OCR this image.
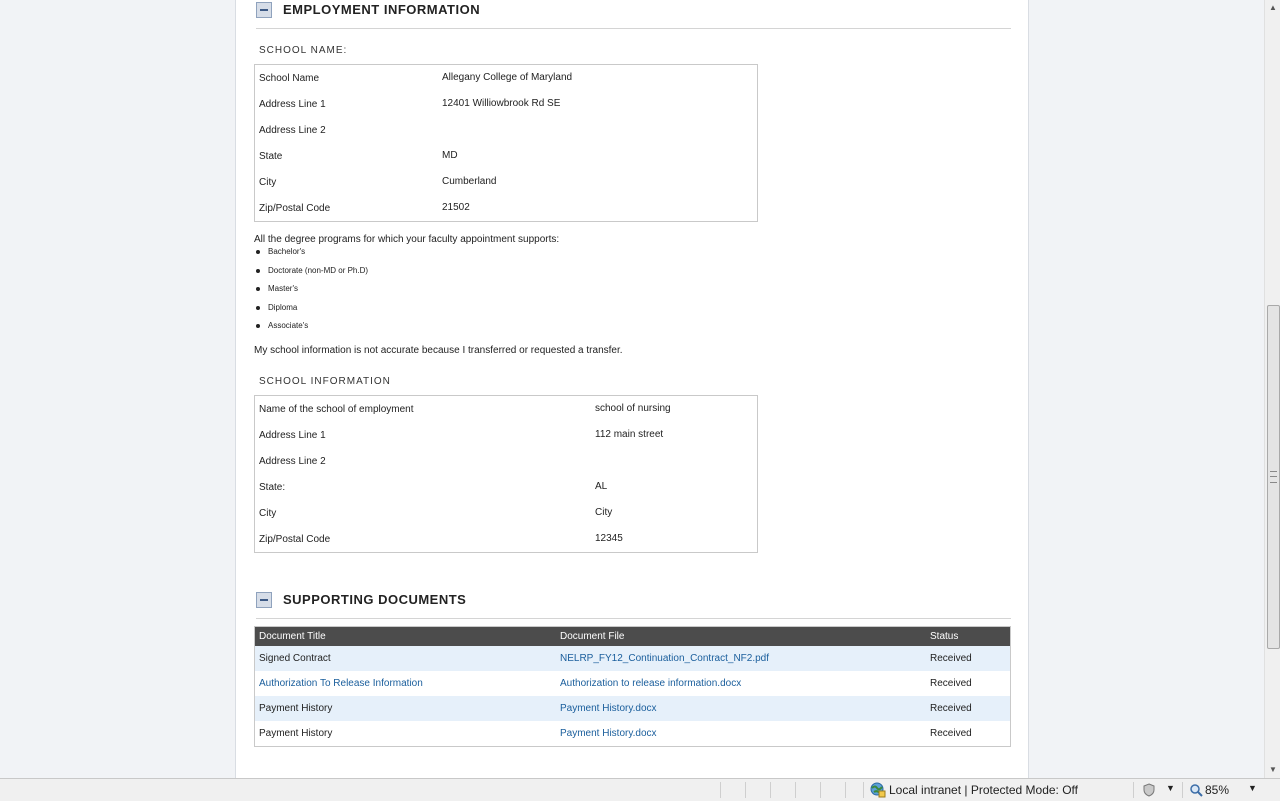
EMPLOYMENT INFORMATION
SCHOOL NAME:
School Name	Allegany College of Maryland
Address Line 1	12401 Williowbrook Rd SE
Address Line 2
State	MD
City	Cumberland
Zip/Postal Code	21502
All the degree programs for which your faculty appointment supports:
Bachelor's
Doctorate (non-MD or Ph.D)
Master's
Diploma
Associate's
My school information is not accurate because I transferred or requested a transfer.
SCHOOL INFORMATION
Name of the school of employment	school of nursing
Address Line 1	112 main street
Address Line 2
State:	AL
City	City
Zip/Postal Code	12345
SUPPORTING DOCUMENTS
Document Title	Document File	Status
Signed Contract	NELRP_FY12_Continuation_Contract_NF2.pdf	Received
Authorization To Release Information	Authorization to release information.docx	Received
Payment History	Payment History.docx	Received
Payment History	Payment History.docx	Received
▲
▼
Local intranet | Protected Mode: Off	▼	85% ▼
